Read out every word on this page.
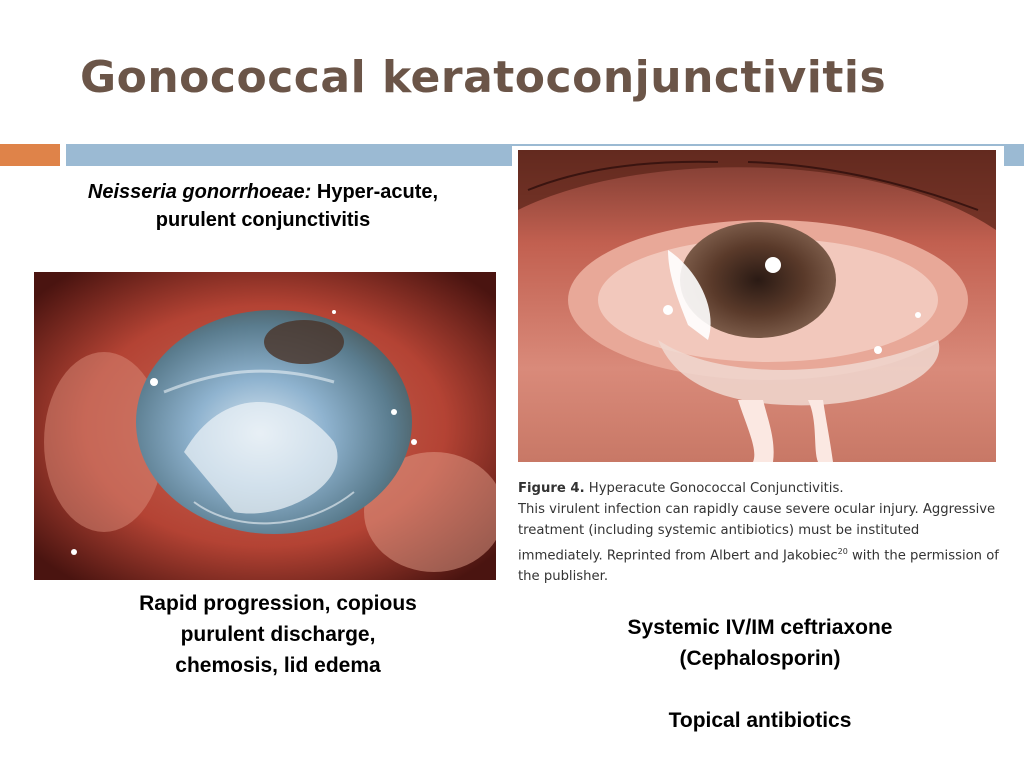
Gonococcal keratoconjunctivitis
Neisseria gonorrhoeae: Hyper-acute, purulent conjunctivitis
Figure 4. Hyperacute Gonococcal Conjunctivitis.
This virulent infection can rapidly cause severe ocular injury. Aggressive treatment (including systemic antibiotics) must be instituted immediately. Reprinted from Albert and Jakobiec$^{20}$ with the permission of the publisher.
Rapid progression, copious purulent discharge, chemosis, lid edema

Systemic IV/IM ceftriaxone

(Cephalosporin)

Topical antibiotics
